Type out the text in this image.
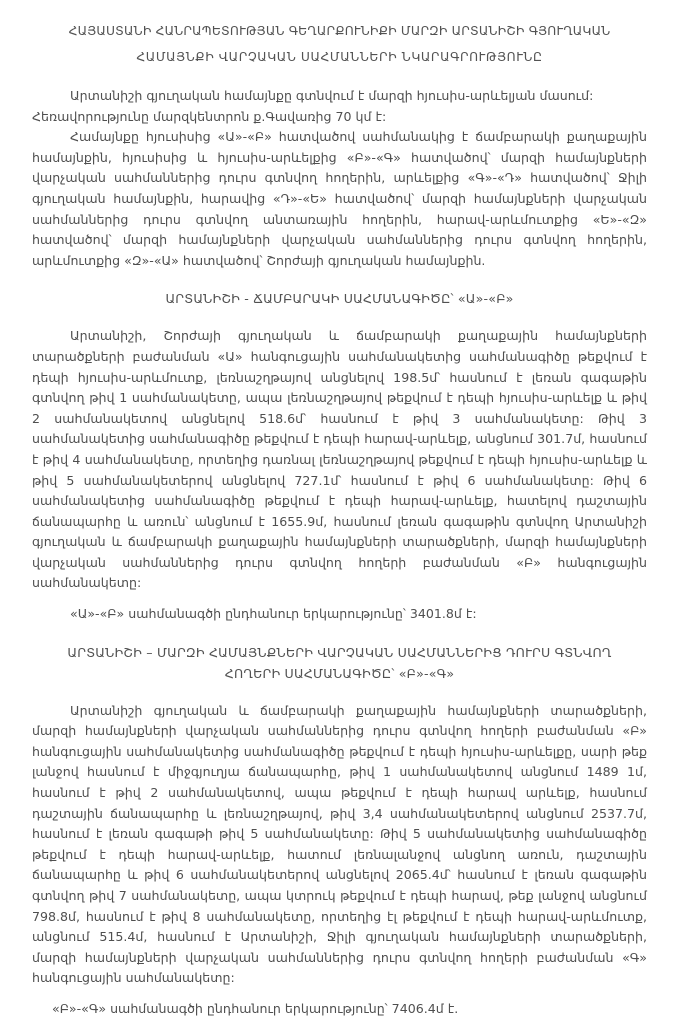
ՀԱՅԱՍՏԱՆԻ ՀԱՆՐԱՊԵՏՈՒԹՅԱՆ ԳԵՂԱՐՔՈՒՆԻՔԻ ՄԱՐԶԻ ԱՐՏԱՆԻՇԻ ԳՅՈՒՂԱԿԱՆ
ՀԱՄԱՅՆՔԻ ՎԱՐՉԱԿԱՆ ՍԱՀՄԱՆՆԵՐԻ ՆԿԱՐԱԳՐՈՒԹՅՈՒՆԸ

Արտանիշի գյուղական համայնքը գտնվում է մարզի հյուսիս-արևելյան մասում:

Հեռավորությունը մարզկենտրոն ք.Գավառից 70 կմ է:

Համայնքը հյուսիսից «Ա»-«Բ» հատվածով սահմանակից է ճամբարակի քաղաքային համայնքին, հյուսիսից և հյուսիս-արևելքից «Բ»-«Գ» հատվածով՝ մարզի համայնքների վարչական սահմաններից դուրս գտնվող հողերին, արևելքից «Գ»-«Դ» հատվածով՝ Ջիլի գյուղական համայնքին, հարավից «Դ»-«Ե» հատվածով՝ մարզի համայնքների վարչական սահմաններից դուրս գտնվող անտառային հողերին, հարավ-արևմուտքից «Ե»-«Զ» հատվածով՝ մարզի համայնքների վարչական սահմաններից դուրս գտնվող հողերին, արևմուտքից «Զ»-«Ա» հատվածով՝ Շորժայի գյուղական համայնքին.

ԱՐՏԱՆԻՇԻ - ՃԱՄԲԱՐԱԿԻ ՍԱՀՄԱՆԱԳԻԾԸ՝ «Ա»-«Բ»

Արտանիշի, Շորժայի գյուղական և ճամբարակի քաղաքային համայնքների տարածքների բաժանման «Ա» հանգուցային սահմանակետից սահմանագիծը թեքվում է դեպի հյուսիս-արևմուտք, լեռնաշղթայով անցնելով 198.5մ՝ հասնում է լեռան գագաթին գտնվող թիվ 1 սահմանակետը, ապա լեռնաշղթայով թեքվում է դեպի հյուսիս-արևելք և թիվ 2 սահմանակետով անցնելով 518.6մ՝ հասնում է թիվ 3 սահմանակետը: Թիվ 3 սահմանակետից սահմանագիծը թեքվում է դեպի հարավ-արևելք, անցնում 301.7մ, հասնում է թիվ 4 սահմանակետը, որտեղից դառնալ լեռնաշղթայով թեքվում է դեպի հյուսիս-արևելք և թիվ 5 սահմանակետերով անցնելով 727.1մ՝ հասնում է թիվ 6 սահմանակետը: Թիվ 6 սահմանակետից սահմանագիծը թեքվում է դեպի հարավ-արևելք, հատելով դաշտային ճանապարհը և առուն՝ անցնում է 1655.9մ, հասնում լեռան գագաթին գտնվող Արտանիշի գյուղական և ճամբարակի քաղաքային համայնքների տարածքների, մարզի համայնքների վարչական սահմաններից դուրս գտնվող հողերի բաժանման «Բ» հանգուցային սահմանակետը:

«Ա»-«Բ» սահմանագծի ընդհանուր երկարությունը՝ 3401.8մ է:

ԱՐՏԱՆԻՇԻ – ՄԱՐԶԻ ՀԱՄԱՅՆՔՆԵՐԻ ՎԱՐՉԱԿԱՆ ՍԱՀՄԱՆՆԵՐԻՑ ԴՈՒՐՍ ԳՏՆՎՈՂ
ՀՈՂԵՐԻ ՍԱՀՄԱՆԱԳԻԾԸ՝ «Բ»-«Գ»

Արտանիշի գյուղական և ճամբարակի քաղաքային համայնքների տարածքների, մարզի համայնքների վարչական սահմաններից դուրս գտնվող հողերի բաժանման «Բ» հանգուցային սահմանակետից սահմանագիծը թեքվում է դեպի հյուսիս-արևելքը, սարի թեք լանջով հասնում է միջգյուղյա ճանապարհը, թիվ 1 սահմանակետով անցնում 1489 1մ, հասնում է թիվ 2 սահմանակետով, ապա թեքվում է դեպի հարավ արևելք, հասնում դաշտային ճանապարհը և լեռնաշղթայով, թիվ 3,4 սահմանակետերով անցնում 2537.7մ, հասնում է լեռան գագաթի թիվ 5 սահմանակետը: Թիվ 5 սահմանակետից սահմանագիծը թեքվում է դեպի հարավ-արևելք, հատում լեռնալանջով անցնող առուն, դաշտային ճանապարհը և թիվ 6 սահմանակետերով անցնելով 2065.4մ՝ հասնում է լեռան գագաթին գտնվող թիվ 7 սահմանակետը, ապա կտրուկ թեքվում է դեպի հարավ, թեք լանջով անցնում 798.8մ, հասնում է թիվ 8 սահմանակետը, որտեղից էլ թեքվում է դեպի հարավ-արևմուտք, անցնում 515.4մ, հասնում է Արտանիշի, Ջիլի գյուղական համայնքների տարածքների, մարզի համայնքների վարչական սահմաններից դուրս գտնվող հողերի բաժանման «Գ» հանգուցային սահմանակետը:

«Բ»-«Գ» սահմանագծի ընդհանուր երկարությունը՝ 7406.4մ է.
